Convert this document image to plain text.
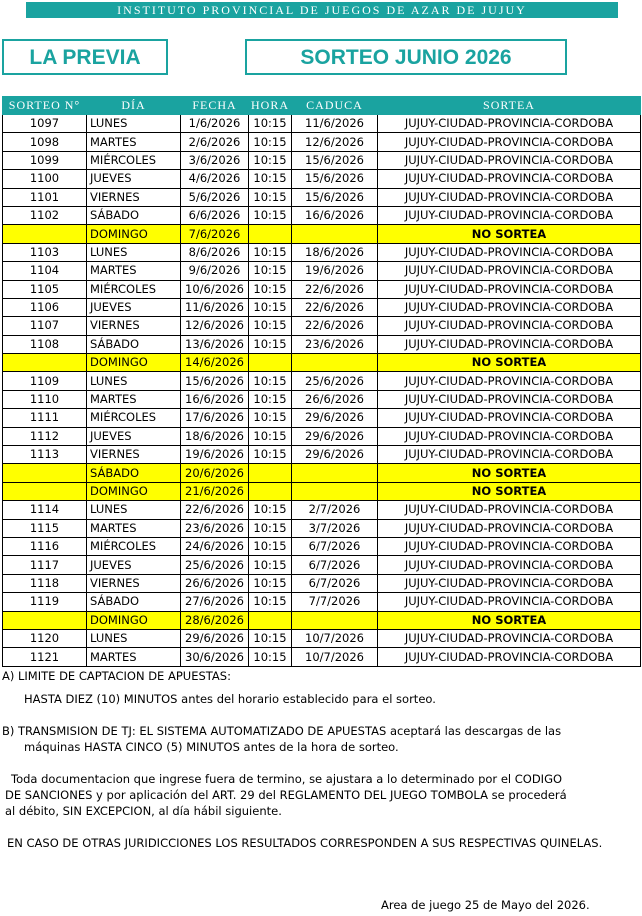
INSTITUTO PROVINCIAL DE JUEGOS DE AZAR DE JUJUY
LA PREVIA	SORTEO JUNIO 2026
SORTEO N°	DÍA	FECHA	HORA	CADUCA	SORTEA
1097	LUNES	1/6/2026	10:15	11/6/2026	JUJUY-CIUDAD-PROVINCIA-CORDOBA
1098	MARTES	2/6/2026	10:15	12/6/2026	JUJUY-CIUDAD-PROVINCIA-CORDOBA
1099	MIÉRCOLES	3/6/2026	10:15	15/6/2026	JUJUY-CIUDAD-PROVINCIA-CORDOBA
1100	JUEVES	4/6/2026	10:15	15/6/2026	JUJUY-CIUDAD-PROVINCIA-CORDOBA
1101	VIERNES	5/6/2026	10:15	15/6/2026	JUJUY-CIUDAD-PROVINCIA-CORDOBA
1102	SÁBADO	6/6/2026	10:15	16/6/2026	JUJUY-CIUDAD-PROVINCIA-CORDOBA
	DOMINGO	7/6/2026			NO SORTEA
1103	LUNES	8/6/2026	10:15	18/6/2026	JUJUY-CIUDAD-PROVINCIA-CORDOBA
1104	MARTES	9/6/2026	10:15	19/6/2026	JUJUY-CIUDAD-PROVINCIA-CORDOBA
1105	MIÉRCOLES	10/6/2026	10:15	22/6/2026	JUJUY-CIUDAD-PROVINCIA-CORDOBA
1106	JUEVES	11/6/2026	10:15	22/6/2026	JUJUY-CIUDAD-PROVINCIA-CORDOBA
1107	VIERNES	12/6/2026	10:15	22/6/2026	JUJUY-CIUDAD-PROVINCIA-CORDOBA
1108	SÁBADO	13/6/2026	10:15	23/6/2026	JUJUY-CIUDAD-PROVINCIA-CORDOBA
	DOMINGO	14/6/2026			NO SORTEA
1109	LUNES	15/6/2026	10:15	25/6/2026	JUJUY-CIUDAD-PROVINCIA-CORDOBA
1110	MARTES	16/6/2026	10:15	26/6/2026	JUJUY-CIUDAD-PROVINCIA-CORDOBA
1111	MIÉRCOLES	17/6/2026	10:15	29/6/2026	JUJUY-CIUDAD-PROVINCIA-CORDOBA
1112	JUEVES	18/6/2026	10:15	29/6/2026	JUJUY-CIUDAD-PROVINCIA-CORDOBA
1113	VIERNES	19/6/2026	10:15	29/6/2026	JUJUY-CIUDAD-PROVINCIA-CORDOBA
	SÁBADO	20/6/2026			NO SORTEA
	DOMINGO	21/6/2026			NO SORTEA
1114	LUNES	22/6/2026	10:15	2/7/2026	JUJUY-CIUDAD-PROVINCIA-CORDOBA
1115	MARTES	23/6/2026	10:15	3/7/2026	JUJUY-CIUDAD-PROVINCIA-CORDOBA
1116	MIÉRCOLES	24/6/2026	10:15	6/7/2026	JUJUY-CIUDAD-PROVINCIA-CORDOBA
1117	JUEVES	25/6/2026	10:15	6/7/2026	JUJUY-CIUDAD-PROVINCIA-CORDOBA
1118	VIERNES	26/6/2026	10:15	6/7/2026	JUJUY-CIUDAD-PROVINCIA-CORDOBA
1119	SÁBADO	27/6/2026	10:15	7/7/2026	JUJUY-CIUDAD-PROVINCIA-CORDOBA
	DOMINGO	28/6/2026			NO SORTEA
1120	LUNES	29/6/2026	10:15	10/7/2026	JUJUY-CIUDAD-PROVINCIA-CORDOBA
1121	MARTES	30/6/2026	10:15	10/7/2026	JUJUY-CIUDAD-PROVINCIA-CORDOBA

A) LIMITE DE CAPTACION DE APUESTAS:

HASTA DIEZ (10) MINUTOS antes del horario establecido para el sorteo.

B) TRANSMISION DE TJ: EL SISTEMA AUTOMATIZADO DE APUESTAS aceptará las descargas de las

máquinas HASTA CINCO (5) MINUTOS antes de la hora de sorteo.

Toda documentacion que ingrese fuera de termino, se ajustara a lo determinado por el CODIGO

DE SANCIONES y por aplicación del ART. 29 del REGLAMENTO DEL JUEGO TOMBOLA se procederá

al débito, SIN EXCEPCION, al día hábil siguiente.

EN CASO DE OTRAS JURIDICCIONES LOS RESULTADOS CORRESPONDEN A SUS RESPECTIVAS QUINELAS.

Area de juego 25 de Mayo del 2026.
